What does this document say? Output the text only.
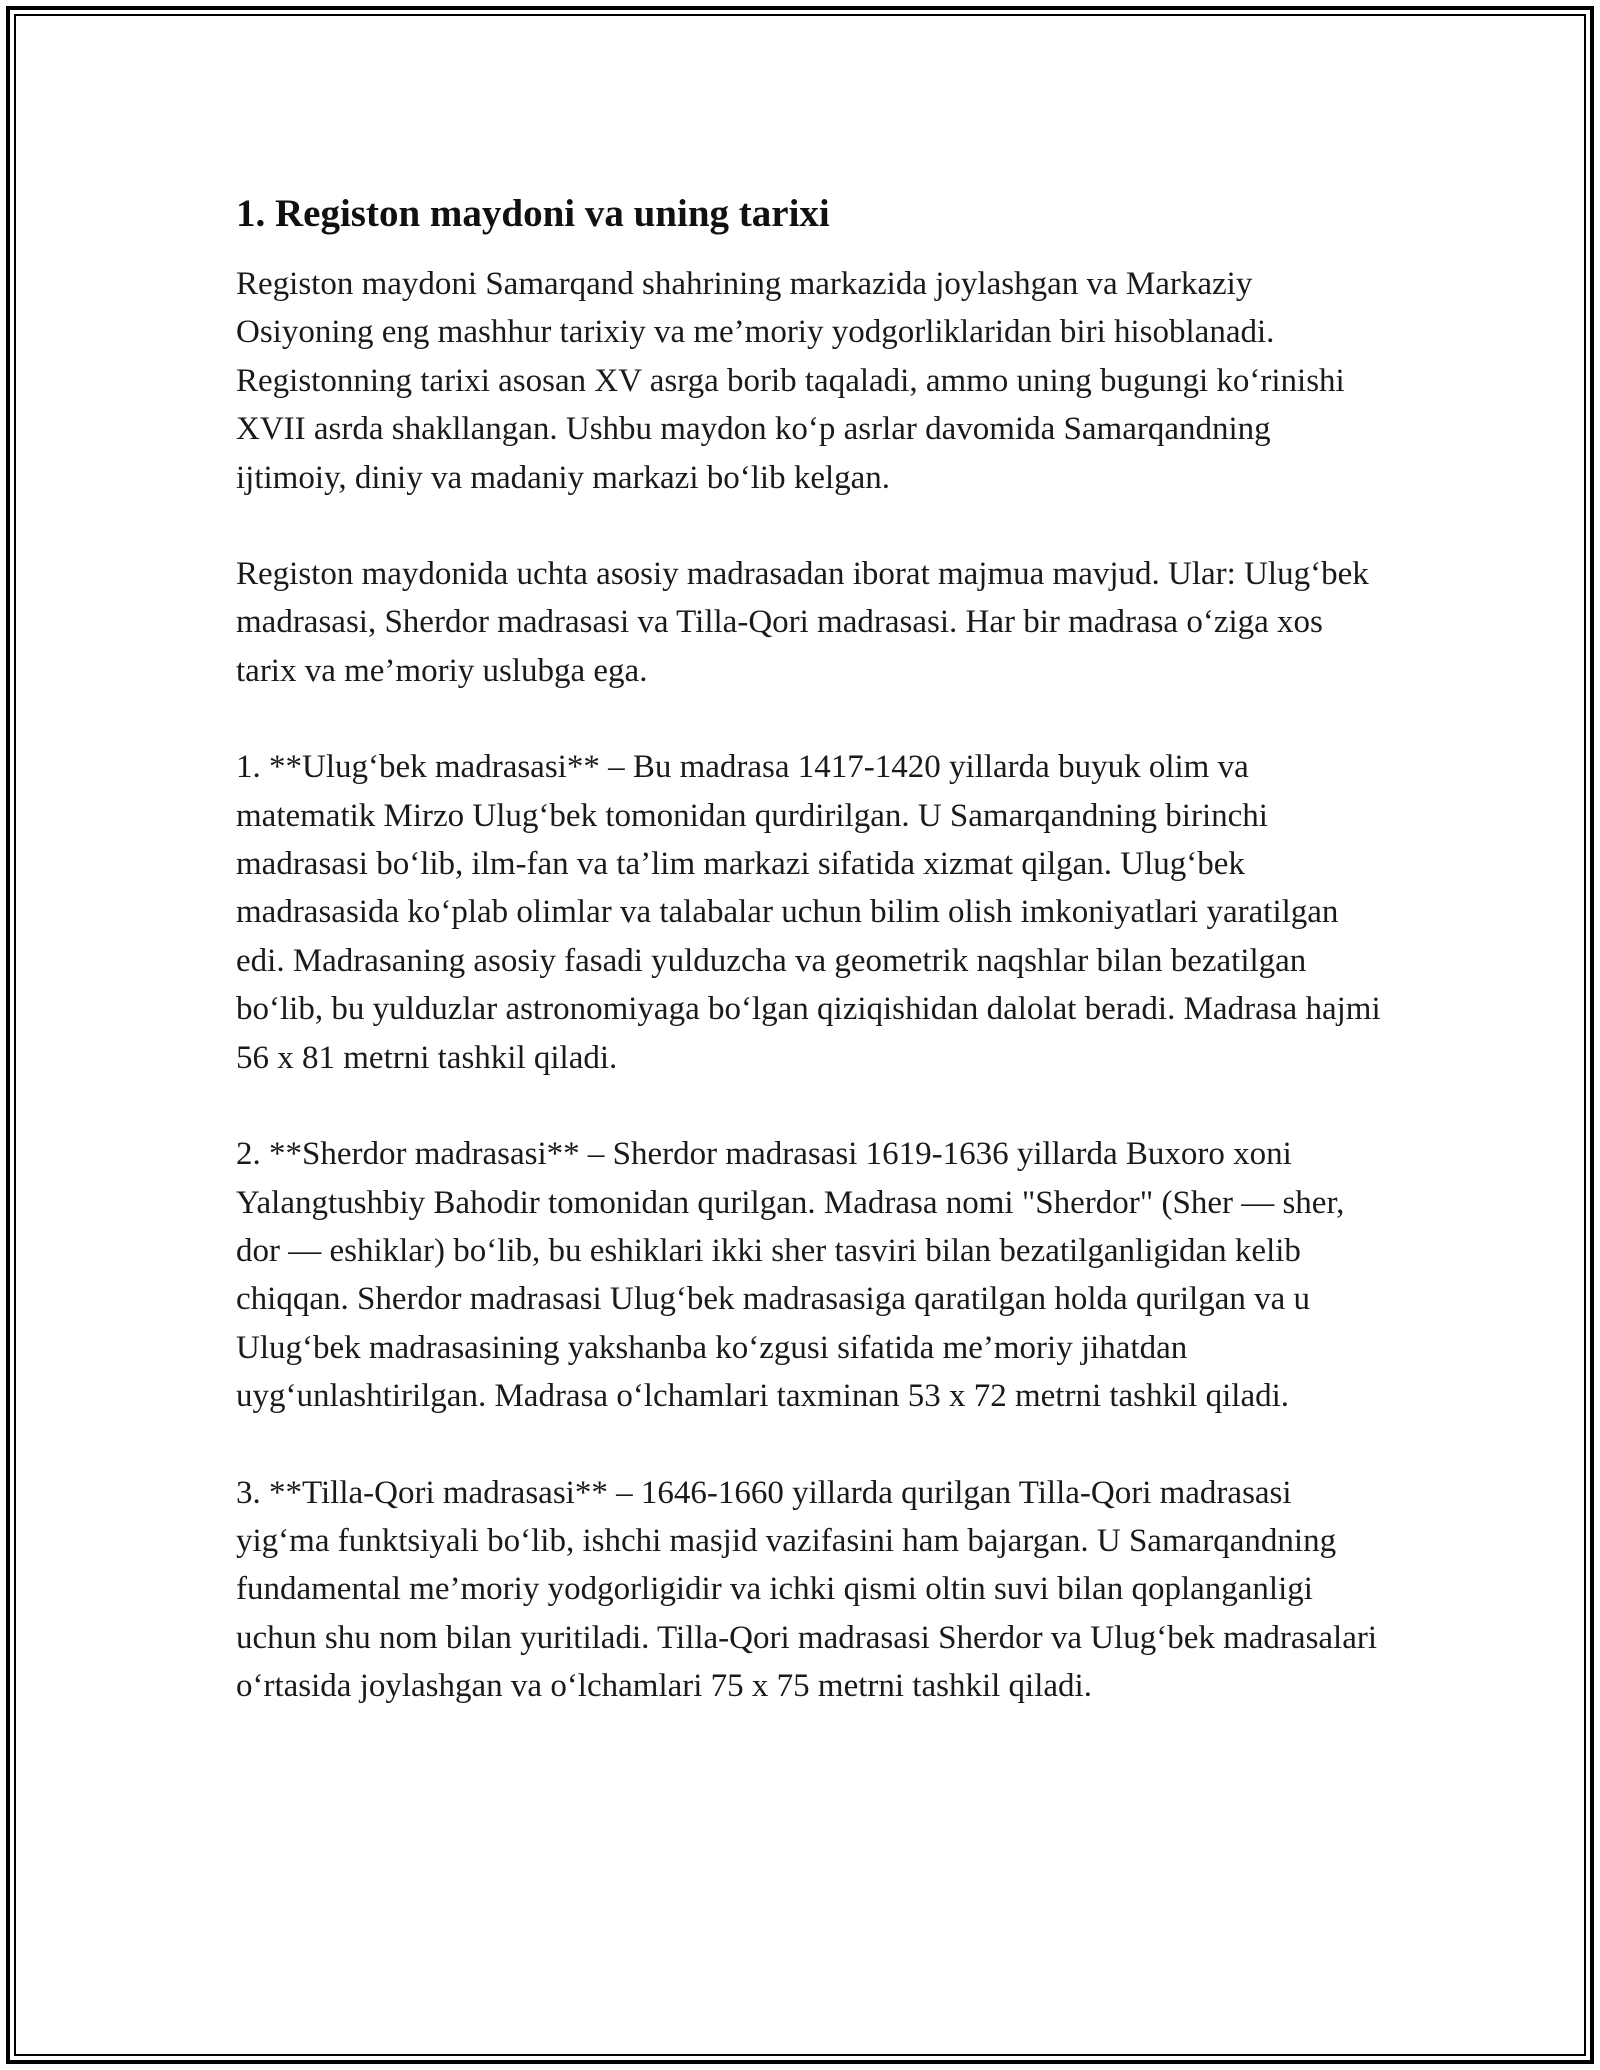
1. Registon maydoni va uning tarixi

Registon maydoni Samarqand shahrining markazida joylashgan va Markaziy Osiyoning eng mashhur tarixiy va me’moriy yodgorliklaridan biri hisoblanadi. Registonning tarixi asosan XV asrga borib taqaladi, ammo uning bugungi ko‘rinishi XVII asrda shakllangan. Ushbu maydon ko‘p asrlar davomida Samarqandning ijtimoiy, diniy va madaniy markazi bo‘lib kelgan.

Registon maydonida uchta asosiy madrasadan iborat majmua mavjud. Ular: Ulug‘bek madrasasi, Sherdor madrasasi va Tilla-Qori madrasasi. Har bir madrasa o‘ziga xos tarix va me’moriy uslubga ega.

1. **Ulug‘bek madrasasi** – Bu madrasa 1417-1420 yillarda buyuk olim va matematik Mirzo Ulug‘bek tomonidan qurdirilgan. U Samarqandning birinchi madrasasi bo‘lib, ilm-fan va ta’lim markazi sifatida xizmat qilgan. Ulug‘bek madrasasida ko‘plab olimlar va talabalar uchun bilim olish imkoniyatlari yaratilgan edi. Madrasaning asosiy fasadi yulduzcha va geometrik naqshlar bilan bezatilgan bo‘lib, bu yulduzlar astronomiyaga bo‘lgan qiziqishidan dalolat beradi. Madrasa hajmi 56 x 81 metrni tashkil qiladi.

2. **Sherdor madrasasi** – Sherdor madrasasi 1619-1636 yillarda Buxoro xoni Yalangtushbiy Bahodir tomonidan qurilgan. Madrasa nomi "Sherdor" (Sher — sher, dor — eshiklar) bo‘lib, bu eshiklari ikki sher tasviri bilan bezatilganligidan kelib chiqqan. Sherdor madrasasi Ulug‘bek madrasasiga qaratilgan holda qurilgan va u Ulug‘bek madrasasining yakshanba ko‘zgusi sifatida me’moriy jihatdan uyg‘unlashtirilgan. Madrasa o‘lchamlari taxminan 53 x 72 metrni tashkil qiladi.

3. **Tilla-Qori madrasasi** – 1646-1660 yillarda qurilgan Tilla-Qori madrasasi yig‘ma funktsiyali bo‘lib, ishchi masjid vazifasini ham bajargan. U Samarqandning fundamental me’moriy yodgorligidir va ichki qismi oltin suvi bilan qoplanganligi uchun shu nom bilan yuritiladi. Tilla-Qori madrasasi Sherdor va Ulug‘bek madrasalari o‘rtasida joylashgan va o‘lchamlari 75 x 75 metrni tashkil qiladi.
